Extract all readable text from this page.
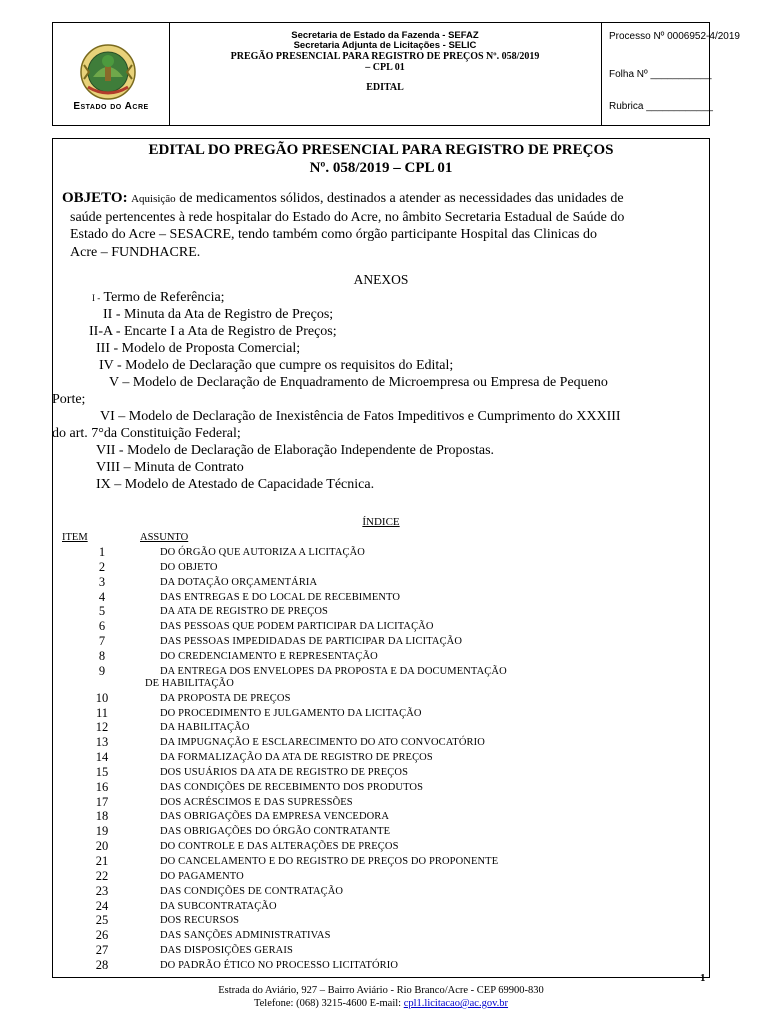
Estado do Acre
Secretaria de Estado da Fazenda - SEFAZ
Secretaria Adjunta de Licitações - SELIC
PREGÃO PRESENCIAL PARA REGISTRO DE PREÇOS Nº. 058/2019
– CPL 01
EDITAL
Processo Nº 0006952-4/2019
Folha Nº ___________
Rubrica ____________
EDITAL DO PREGÃO PRESENCIAL PARA REGISTRO DE PREÇOS
Nº. 058/2019 – CPL 01
OBJETO: Aquisição de medicamentos sólidos, destinados a atender as necessidades das unidades de
saúde pertencentes à rede hospitalar do Estado do Acre, no âmbito Secretaria Estadual de Saúde do
Estado do Acre – SESACRE, tendo também como órgão participante Hospital das Clinicas do
Acre – FUNDHACRE.
ANEXOS
I - Termo de Referência;
II - Minuta da Ata de Registro de Preços;
II-A - Encarte I a Ata de Registro de Preços;
III - Modelo de Proposta Comercial;
IV - Modelo de Declaração que cumpre os requisitos do Edital;
V – Modelo de Declaração de Enquadramento de Microempresa ou Empresa de Pequeno
Porte;
VI – Modelo de Declaração de Inexistência de Fatos Impeditivos e Cumprimento do XXXIII
do art. 7°da Constituição Federal;
VII - Modelo de Declaração de Elaboração Independente de Propostas.
VIII – Minuta de Contrato
IX – Modelo de Atestado de Capacidade Técnica.
ÍNDICE
ITEM	ASSUNTO
1	DO ÓRGÃO QUE AUTORIZA A LICITAÇÃO
2	DO OBJETO
3	DA DOTAÇÃO ORÇAMENTÁRIA
4	DAS ENTREGAS E DO LOCAL DE RECEBIMENTO
5	DA ATA DE REGISTRO DE PREÇOS
6	DAS PESSOAS QUE PODEM PARTICIPAR DA LICITAÇÃO
7	DAS PESSOAS IMPEDIDADAS DE PARTICIPAR DA LICITAÇÃO
8	DO CREDENCIAMENTO E REPRESENTAÇÃO
9	DA ENTREGA DOS ENVELOPES DA PROPOSTA E DA DOCUMENTAÇÃO
DE HABILITAÇÃO
10	DA PROPOSTA DE PREÇOS
11	DO PROCEDIMENTO E JULGAMENTO DA LICITAÇÃO
12	DA HABILITAÇÃO
13	DA IMPUGNAÇÃO E ESCLARECIMENTO DO ATO CONVOCATÓRIO
14	DA FORMALIZAÇÃO DA ATA DE REGISTRO DE PREÇOS
15	DOS USUÁRIOS DA ATA DE REGISTRO DE PREÇOS
16	DAS CONDIÇÕES DE RECEBIMENTO DOS PRODUTOS
17	DOS ACRÉSCIMOS E DAS SUPRESSÕES
18	DAS OBRIGAÇÕES DA EMPRESA VENCEDORA
19	DAS OBRIGAÇÕES DO ÓRGÃO CONTRATANTE
20	DO CONTROLE E DAS ALTERAÇÕES DE PREÇOS
21	DO CANCELAMENTO E DO REGISTRO DE PREÇOS DO PROPONENTE
22	DO PAGAMENTO
23	DAS CONDIÇÕES DE CONTRATAÇÃO
24	DA SUBCONTRATAÇÃO
25	DOS RECURSOS
26	DAS SANÇÕES ADMINISTRATIVAS
27	DAS DISPOSIÇÕES GERAIS
28	DO PADRÃO ÉTICO NO PROCESSO LICITATÓRIO
Estrada do Aviário, 927 – Bairro Aviário - Rio Branco/Acre - CEP 69900-830
Telefone: (068) 3215-4600 E-mail: cpl1.licitacao@ac.gov.br
1
